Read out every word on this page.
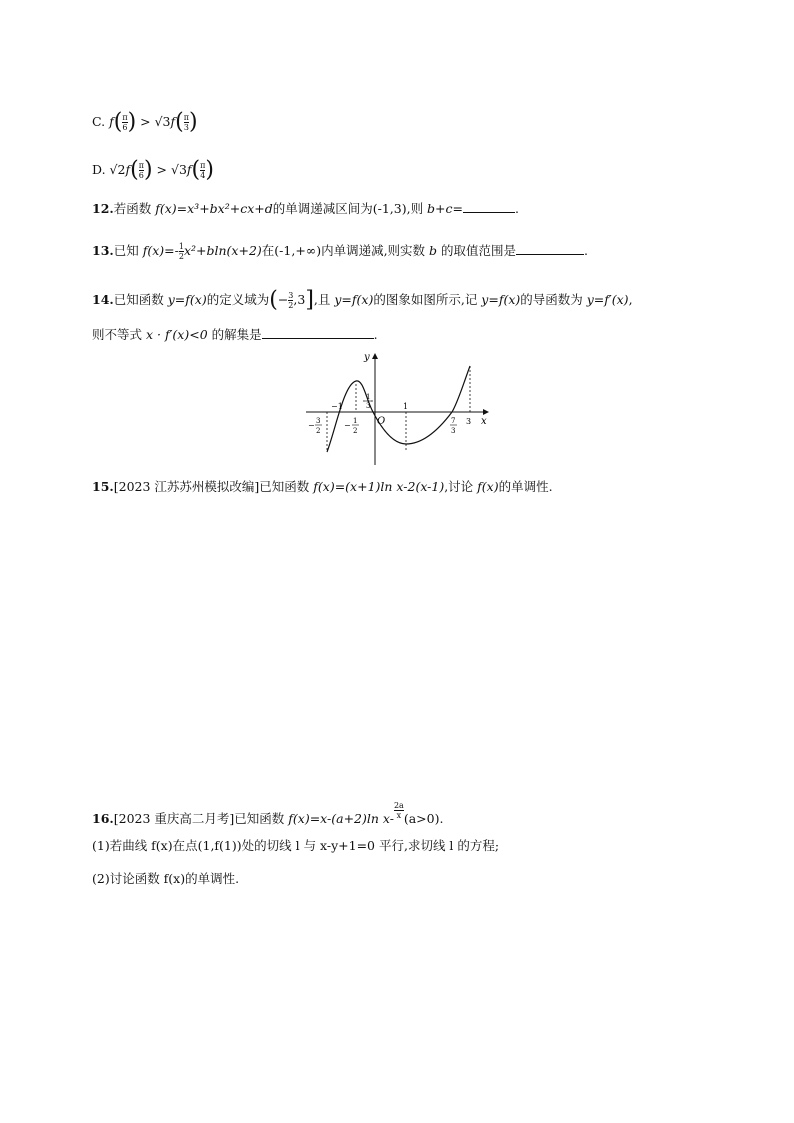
C. $f( \frac{\pi}{6}$ ) > $√3f( \frac{\pi}{3}$ )
D. $√2f( \frac{\pi}{6}$ ) > $√3f( \frac{\pi}{4}$ )
12.若函数 f(x)=x³+bx²+cx+d的单调递减区间为(-1,3),则 b+c=	.
13.已知 $f(x)=- \frac{1}{2} x^2+bln(x+2)$在(-1,+∞)内单调递减,则实数 b 的取值范围是	.
14.已知函数 y=f(x)的定义域为(− $\frac{3}{2} ,3$],且 y=f(x)的图象如图所示,记 y=f(x)的导函数为 y=f′(x),
则不等式 x · f′(x)<0 的解集是	.
y
x
O
−1	1
3
1
3
− 3
2
− 1
2
7
3
15.[2023 江苏苏州模拟改编]已知函数 f(x)=(x+1)ln x-2(x-1),讨论 f(x)的单调性.
16.[2023 重庆高二月考]已知函数 f(x)=x-(a+2)ln $x- \frac{2a}{x} (a>0)$.
(1)若曲线 f(x)在点(1,f(1))处的切线 l 与 x-y+1=0 平行,求切线 l 的方程;
(2)讨论函数 f(x)的单调性.
